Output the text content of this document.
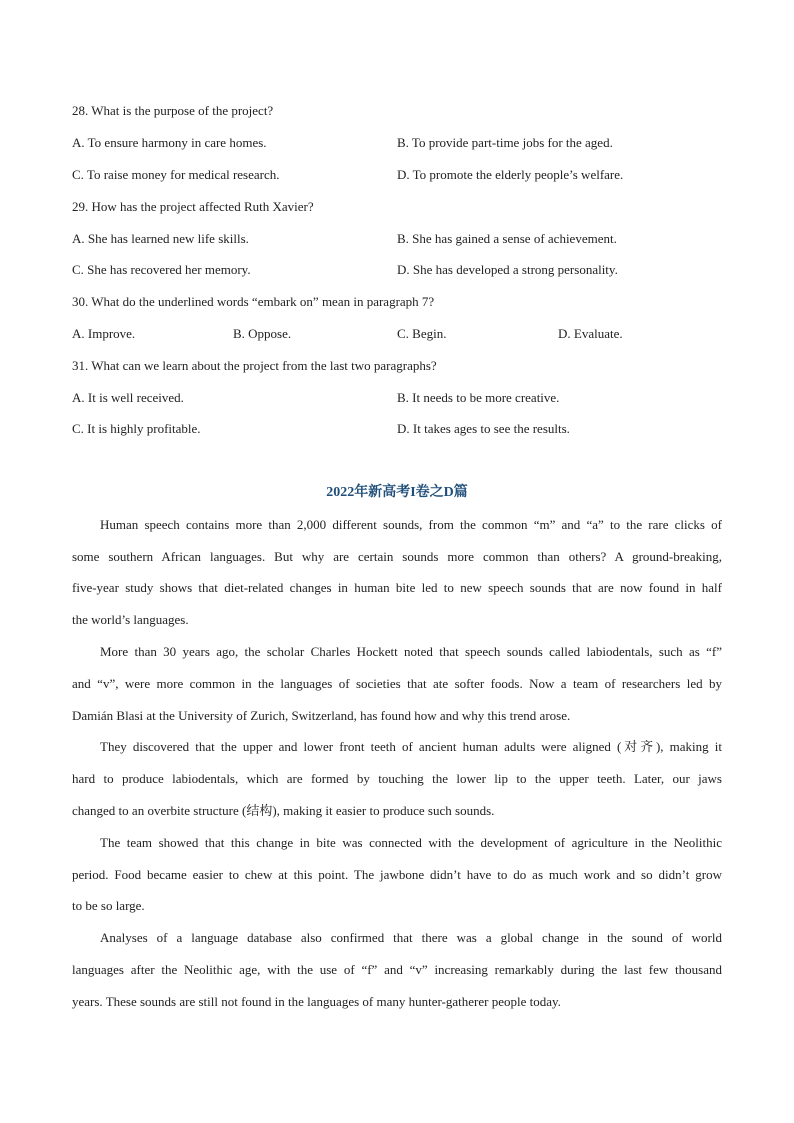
28. What is the purpose of the project?
A. To ensure harmony in care homes.	B. To provide part-time jobs for the aged.
C. To raise money for medical research.	D. To promote the elderly people’s welfare.
29. How has the project affected Ruth Xavier?
A. She has learned new life skills.	B. She has gained a sense of achievement.
C. She has recovered her memory.	D. She has developed a strong personality.
30. What do the underlined words “embark on” mean in paragraph 7?
A. Improve.	B. Oppose.	C. Begin.	D. Evaluate.
31. What can we learn about the project from the last two paragraphs?
A. It is well received.	B. It needs to be more creative.
C. It is highly profitable.	D. It takes ages to see the results.
2022年新高考I卷之D篇
Human speech contains more than 2,000 different sounds, from the common “m” and “a” to the rare clicks of
some southern African languages. But why are certain sounds more common than others? A ground-breaking,
five-year study shows that diet-related changes in human bite led to new speech sounds that are now found in half
the world’s languages.
More than 30 years ago, the scholar Charles Hockett noted that speech sounds called labiodentals, such as “f”
and “v”, were more common in the languages of societies that ate softer foods. Now a team of researchers led by
Damián Blasi at the University of Zurich, Switzerland, has found how and why this trend arose.
They discovered that the upper and lower front teeth of ancient human adults were aligned (对齐), making it
hard to produce labiodentals, which are formed by touching the lower lip to the upper teeth. Later, our jaws
changed to an overbite structure (结构), making it easier to produce such sounds.
The team showed that this change in bite was connected with the development of agriculture in the Neolithic
period. Food became easier to chew at this point. The jawbone didn’t have to do as much work and so didn’t grow
to be so large.
Analyses of a language database also confirmed that there was a global change in the sound of world
languages after the Neolithic age, with the use of “f” and “v” increasing remarkably during the last few thousand
years. These sounds are still not found in the languages of many hunter-gatherer people today.
